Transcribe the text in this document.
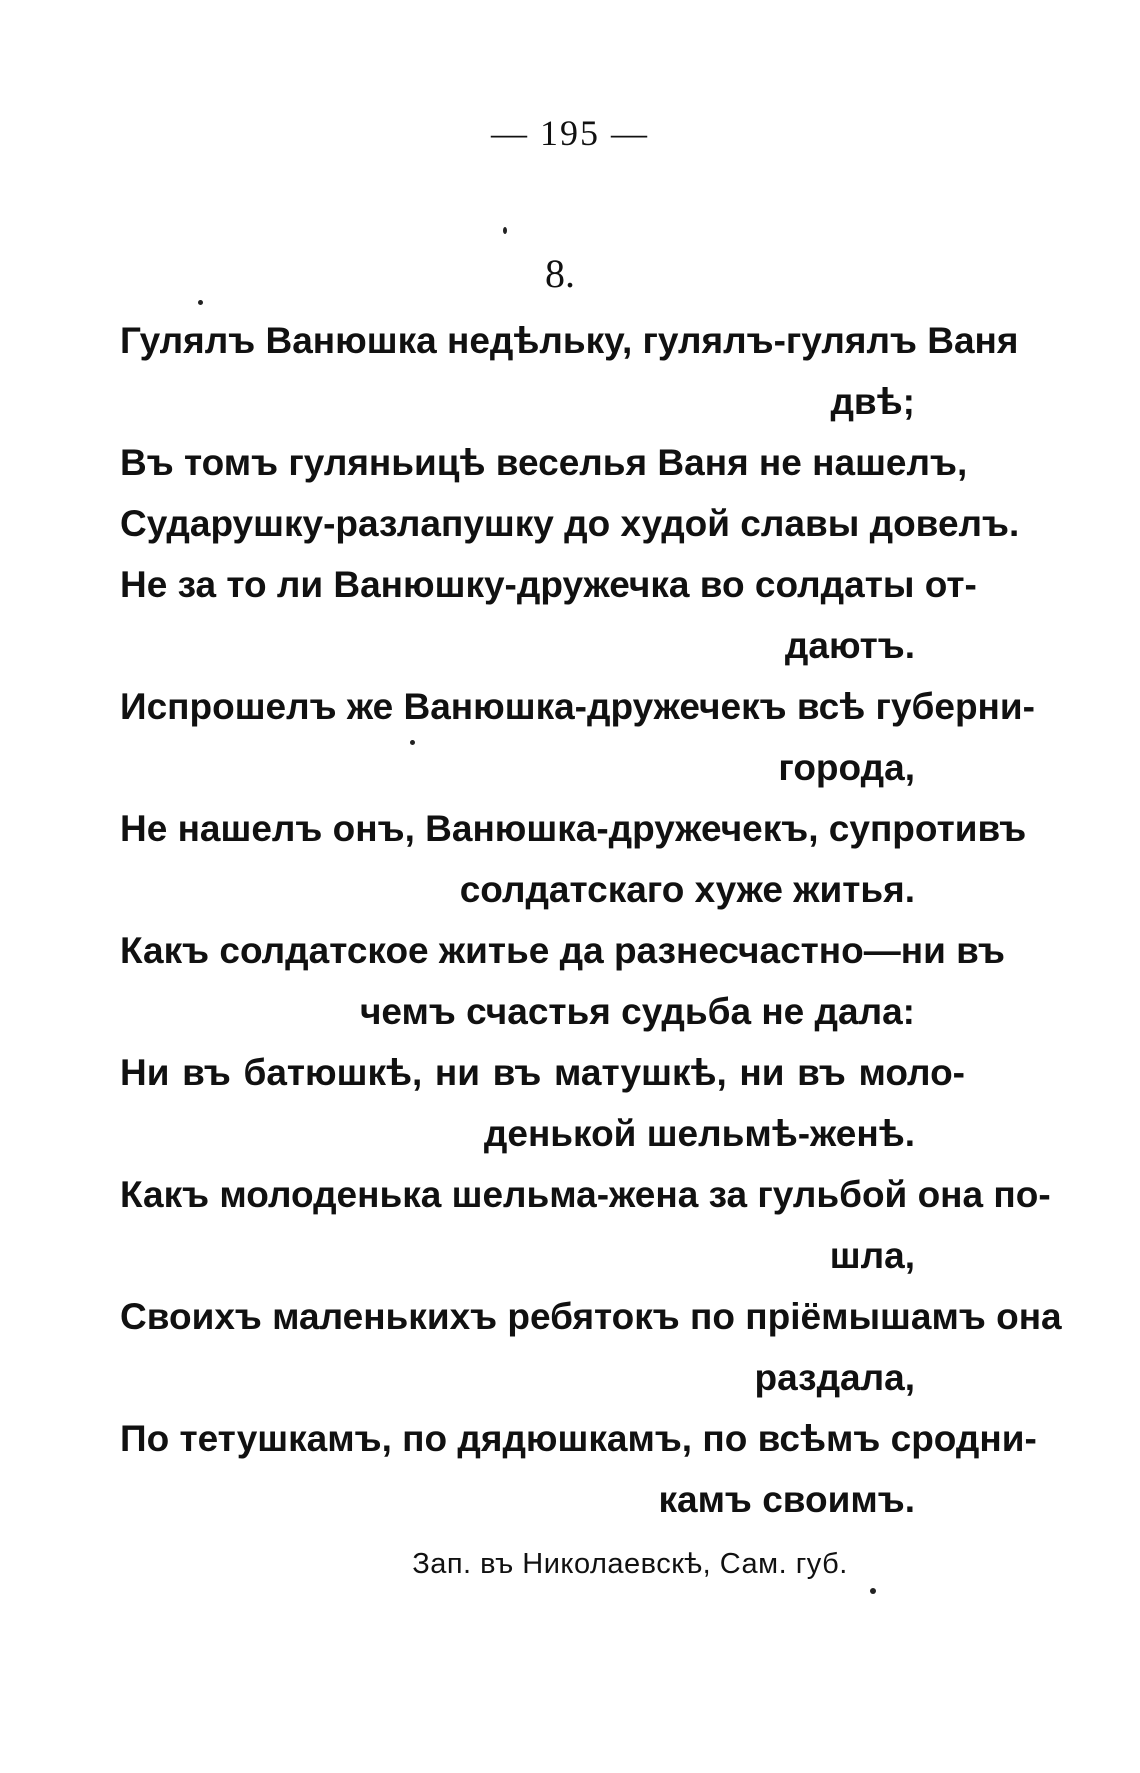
— 195 —
8.
Гулялъ Ванюшка недѣльку, гулялъ-гулялъ Ваня
двѣ;
Въ томъ гуляньицѣ веселья Ваня не нашелъ,
Сударушку-разлапушку до худой славы довелъ.
Не за то ли Ванюшку-дружечка во солдаты от-
даютъ.
Испрошелъ же Ванюшка-дружечекъ всѣ губерни-
города,
Не нашелъ онъ, Ванюшка-дружечекъ, супротивъ
солдатскаго хуже житья.
Какъ солдатское житье да разнесчастно—ни въ
чемъ счастья судьба не дала:
Ни въ батюшкѣ, ни въ матушкѣ, ни въ моло-
денькой шельмѣ-женѣ.
Какъ молоденька шельма-жена за гульбой она по-
шла,
Своихъ маленькихъ ребятокъ по пріёмышамъ она
раздала,
По тетушкамъ, по дядюшкамъ, по всѣмъ сродни-
камъ своимъ.
Зап. въ Николаевскѣ, Сам. губ.
